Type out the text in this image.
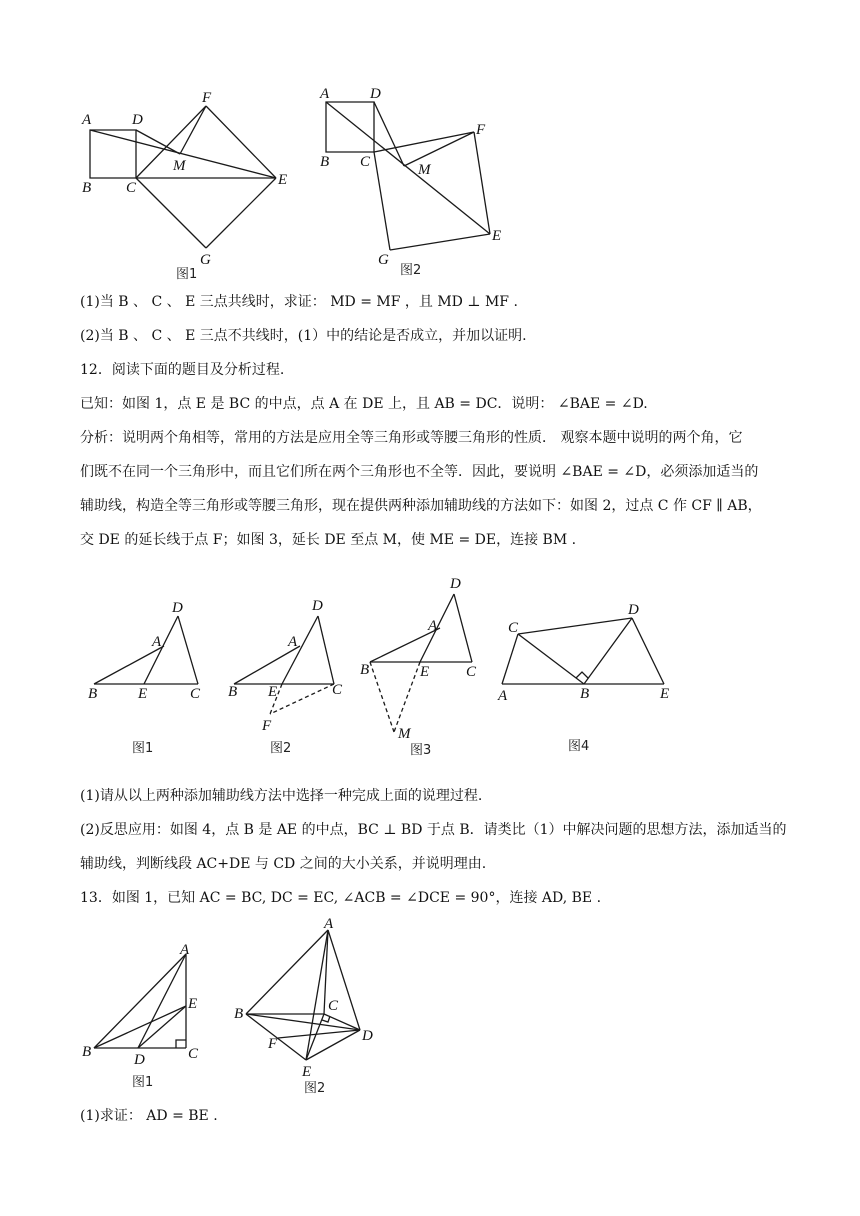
A	D
F
M
B C	E
G
图1
A	D
F
B C	M
E
G
图2
(1)当 B 、 C 、 E 三点共线时，求证： MD = MF ，且 MD ⊥ MF .
(2)当 B 、 C 、 E 三点不共线时，(1）中的结论是否成立，并加以证明.
12．阅读下面的题目及分析过程.
已知：如图 1，点 E 是 BC 的中点，点 A 在 DE 上，且 AB = DC．说明： ∠BAE = ∠D.
分析：说明两个角相等，常用的方法是应用全等三角形或等腰三角形的性质． 观察本题中说明的两个角，它
们既不在同一个三角形中，而且它们所在两个三角形也不全等．因此，要说明 ∠BAE = ∠D，必须添加适当的
辅助线，构造全等三角形或等腰三角形，现在提供两种添加辅助线的方法如下：如图 2，过点 C 作 CF ∥ AB，
交 DE 的延长线于点 F；如图 3，延长 DE 至点 M，使 ME = DE，连接 BM .
D
A
B	E	C
图1
D
A
B E	C
F
图2
D
A
B	E C
M
图3
C
D
A	B	E
图4
(1)请从以上两种添加辅助线方法中选择一种完成上面的说理过程.
(2)反思应用：如图 4，点 B 是 AE 的中点，BC ⊥ BD 于点 B．请类比（1）中解决问题的思想方法，添加适当的
辅助线，判断线段 AC+DE 与 CD 之间的大小关系，并说明理由.
13．如图 1，已知 AC = BC, DC = EC, ∠ACB = ∠DCE = 90°，连接 AD, BE .
A
E
B	D	C
图1
A
C
B
D
F
E
图2
(1)求证： AD = BE .
